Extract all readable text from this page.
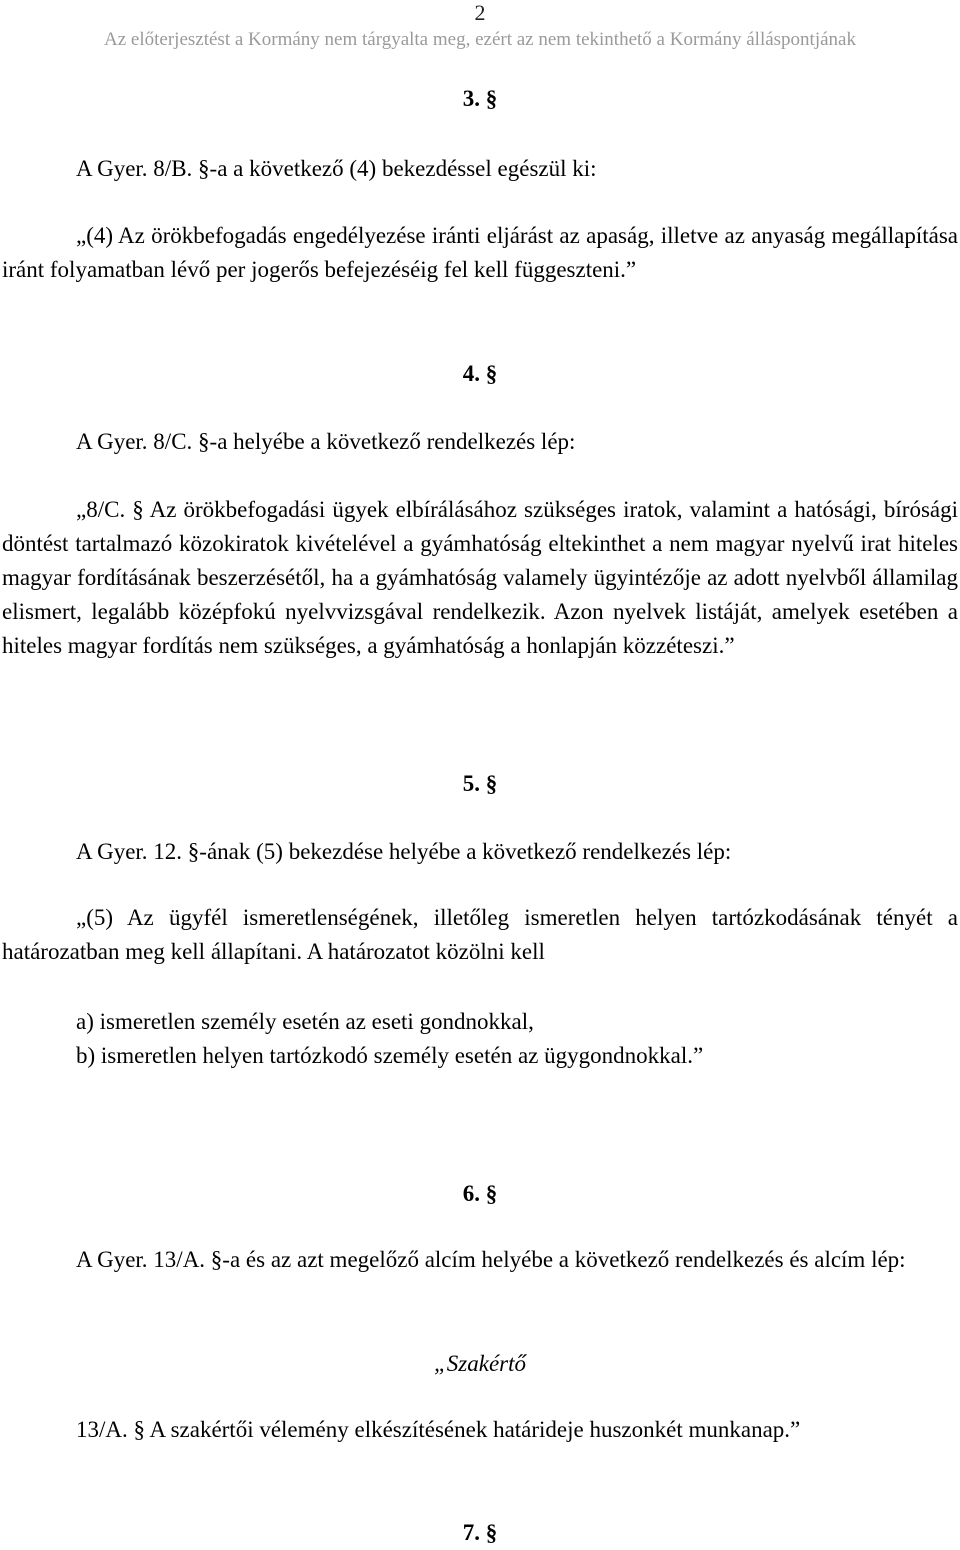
2
Az előterjesztést a Kormány nem tárgyalta meg, ezért az nem tekinthető a Kormány álláspontjának
3. §
A Gyer. 8/B. §-a a következő (4) bekezdéssel egészül ki:
„(4) Az örökbefogadás engedélyezése iránti eljárást az apaság, illetve az anyaság megállapítása iránt folyamatban lévő per jogerős befejezéséig fel kell függeszteni.”
4. §
A Gyer. 8/C. §-a helyébe a következő rendelkezés lép:
„8/C. § Az örökbefogadási ügyek elbírálásához szükséges iratok, valamint a hatósági, bírósági döntést tartalmazó közokiratok kivételével a gyámhatóság eltekinthet a nem magyar nyelvű irat hiteles magyar fordításának beszerzésétől, ha a gyámhatóság valamely ügyintézője az adott nyelvből államilag elismert, legalább középfokú nyelvvizsgával rendelkezik. Azon nyelvek listáját, amelyek esetében a hiteles magyar fordítás nem szükséges, a gyámhatóság a honlapján közzéteszi.”
5. §
A Gyer. 12. §-ának (5) bekezdése helyébe a következő rendelkezés lép:
„(5) Az ügyfél ismeretlenségének, illetőleg ismeretlen helyen tartózkodásának tényét a határozatban meg kell állapítani. A határozatot közölni kell
a) ismeretlen személy esetén az eseti gondnokkal,
b) ismeretlen helyen tartózkodó személy esetén az ügygondnokkal.”
6. §
A Gyer. 13/A. §-a és az azt megelőző alcím helyébe a következő rendelkezés és alcím lép:
„Szakértő
13/A. § A szakértői vélemény elkészítésének határideje huszonkét munkanap.”
7. §
